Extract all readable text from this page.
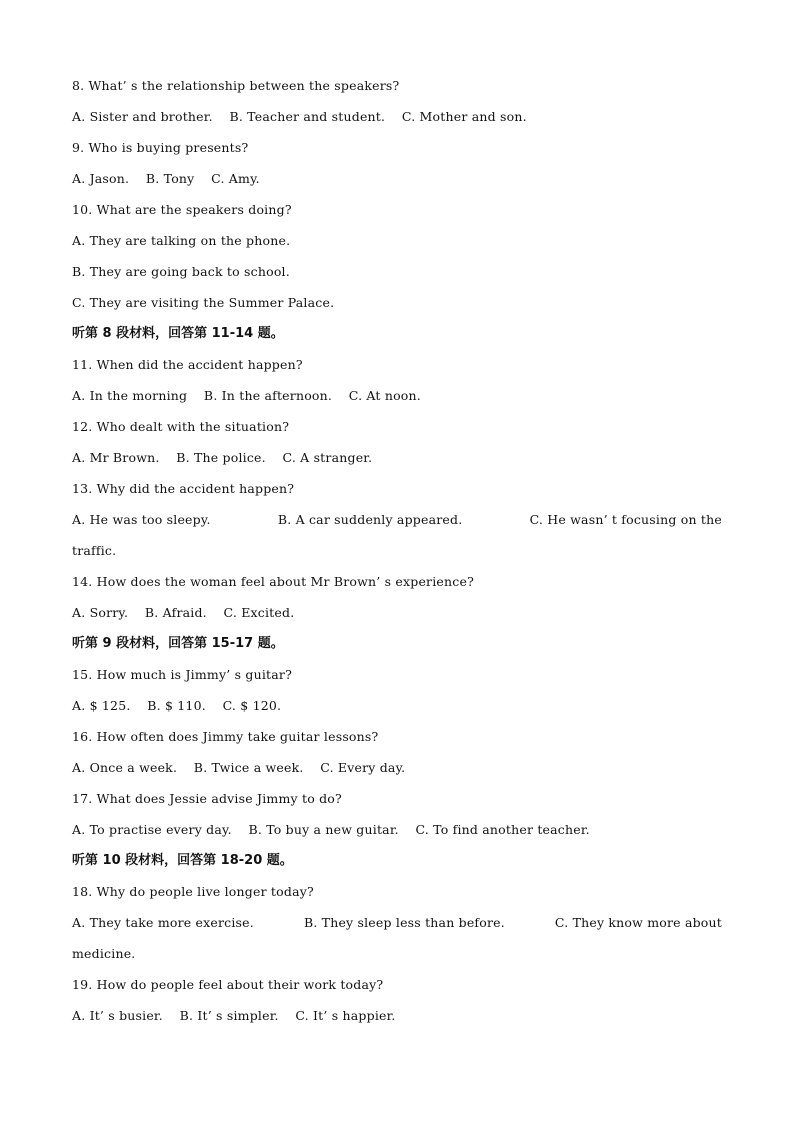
8. What’ s the relationship between the speakers?

A. Sister and brother.    B. Teacher and student.    C. Mother and son.

9. Who is buying presents?

A. Jason.    B. Tony    C. Amy.

10. What are the speakers doing?

A. They are talking on the phone.

B. They are going back to school.

C. They are visiting the Summer Palace.

听第 8 段材料，回答第 11-14 题。

11. When did the accident happen?

A. In the morning    B. In the afternoon.    C. At noon.

12. Who dealt with the situation?

A. Mr Brown.    B. The police.    C. A stranger.

13. Why did the accident happen?

A. He was too sleepy.	B. A car suddenly appeared.	C. He wasn’ t focusing on the

traffic.

14. How does the woman feel about Mr Brown’ s experience?

A. Sorry.    B. Afraid.    C. Excited.

听第 9 段材料，回答第 15-17 题。

15. How much is Jimmy’ s guitar?

A. $ 125.    B. $ 110.    C. $ 120.

16. How often does Jimmy take guitar lessons?

A. Once a week.    B. Twice a week.    C. Every day.

17. What does Jessie advise Jimmy to do?

A. To practise every day.    B. To buy a new guitar.    C. To find another teacher.

听第 10 段材料，回答第 18-20 题。

18. Why do people live longer today?

A. They take more exercise.	B. They sleep less than before.	C. They know more about

medicine.

19. How do people feel about their work today?

A. It’ s busier.    B. It’ s simpler.    C. It’ s happier.
